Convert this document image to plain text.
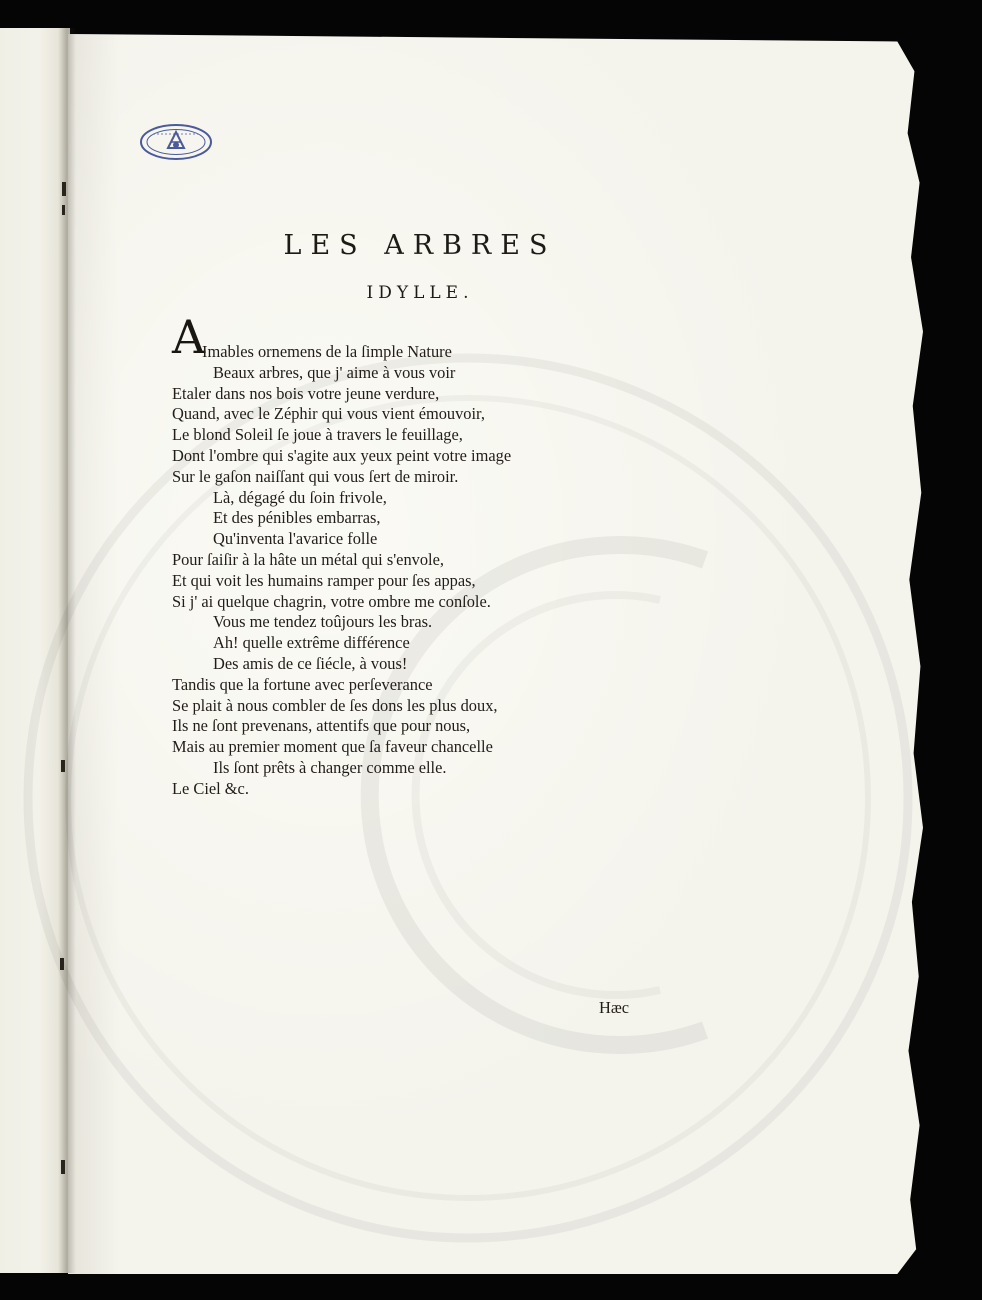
LES ARBRES
IDYLLE.
A
Imables ornemens de la ſimple Nature
Beaux arbres, que j' aime à vous voir
Etaler dans nos bois votre jeune verdure,
Quand, avec le Zéphir qui vous vient émouvoir,
Le blond Soleil ſe joue à travers le feuillage,
Dont l'ombre qui s'agite aux yeux peint votre image
Sur le gaſon naiſſant qui vous ſert de miroir.
Là, dégagé du ſoin frivole,
Et des pénibles embarras,
Qu'inventa l'avarice folle
Pour ſaiſir à la hâte un métal qui s'envole,
Et qui voit les humains ramper pour ſes appas,
Si j' ai quelque chagrin, votre ombre me conſole.
Vous me tendez toûjours les bras.
Ah! quelle extrême différence
Des amis de ce ſiécle, à vous!
Tandis que la fortune avec perſeverance
Se plait à nous combler de ſes dons les plus doux,
Ils ne ſont prevenans, attentifs que pour nous,
Mais au premier moment que ſa faveur chancelle
Ils ſont prêts à changer comme elle.
Le Ciel &c.
Hæc
